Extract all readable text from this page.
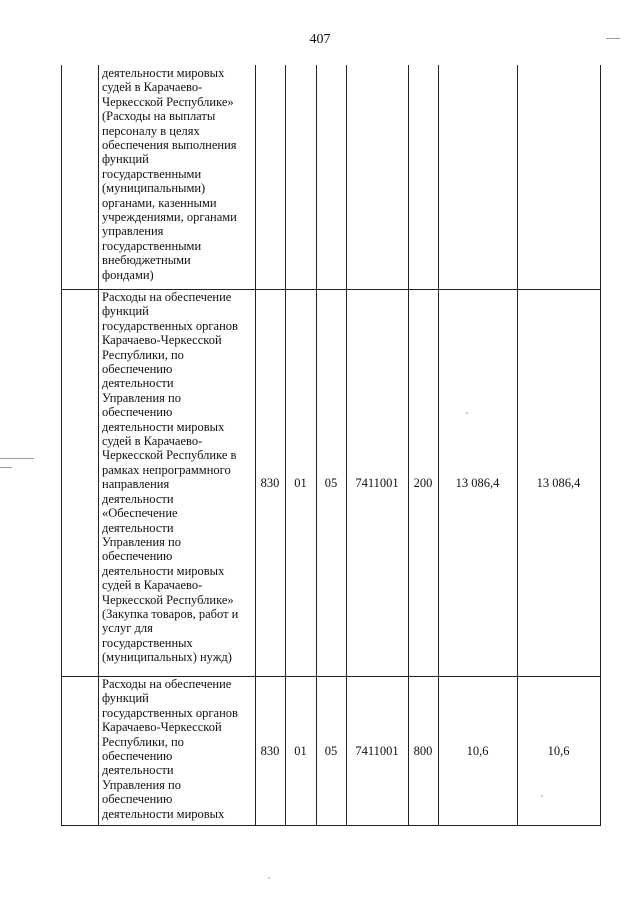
407
деятельности мировых
судей в Карачаево-
Черкесской Республике»
(Расходы на выплаты
персоналу в целях
обеспечения выполнения
функций
государственными
(муниципальными)
органами, казенными
учреждениями, органами
управления
государственными
внебюджетными
фондами)
Расходы на обеспечение
функций
государственных органов
Карачаево-Черкесской
Республики, по
обеспечению
деятельности
Управления по
обеспечению
деятельности мировых
судей в Карачаево-
Черкесской Республике в
рамках непрограммного
направления
деятельности
«Обеспечение
деятельности
Управления по
обеспечению
деятельности мировых
судей в Карачаево-
Черкесской Республике»
(Закупка товаров, работ и
услуг для
государственных
(муниципальных) нужд)
830	01	05	7411001	200	13 086,4	13 086,4
Расходы на обеспечение
функций
государственных органов
Карачаево-Черкесской
Республики, по
обеспечению
деятельности
Управления по
обеспечению
деятельности мировых
830	01	05	7411001	800	10,6	10,6
